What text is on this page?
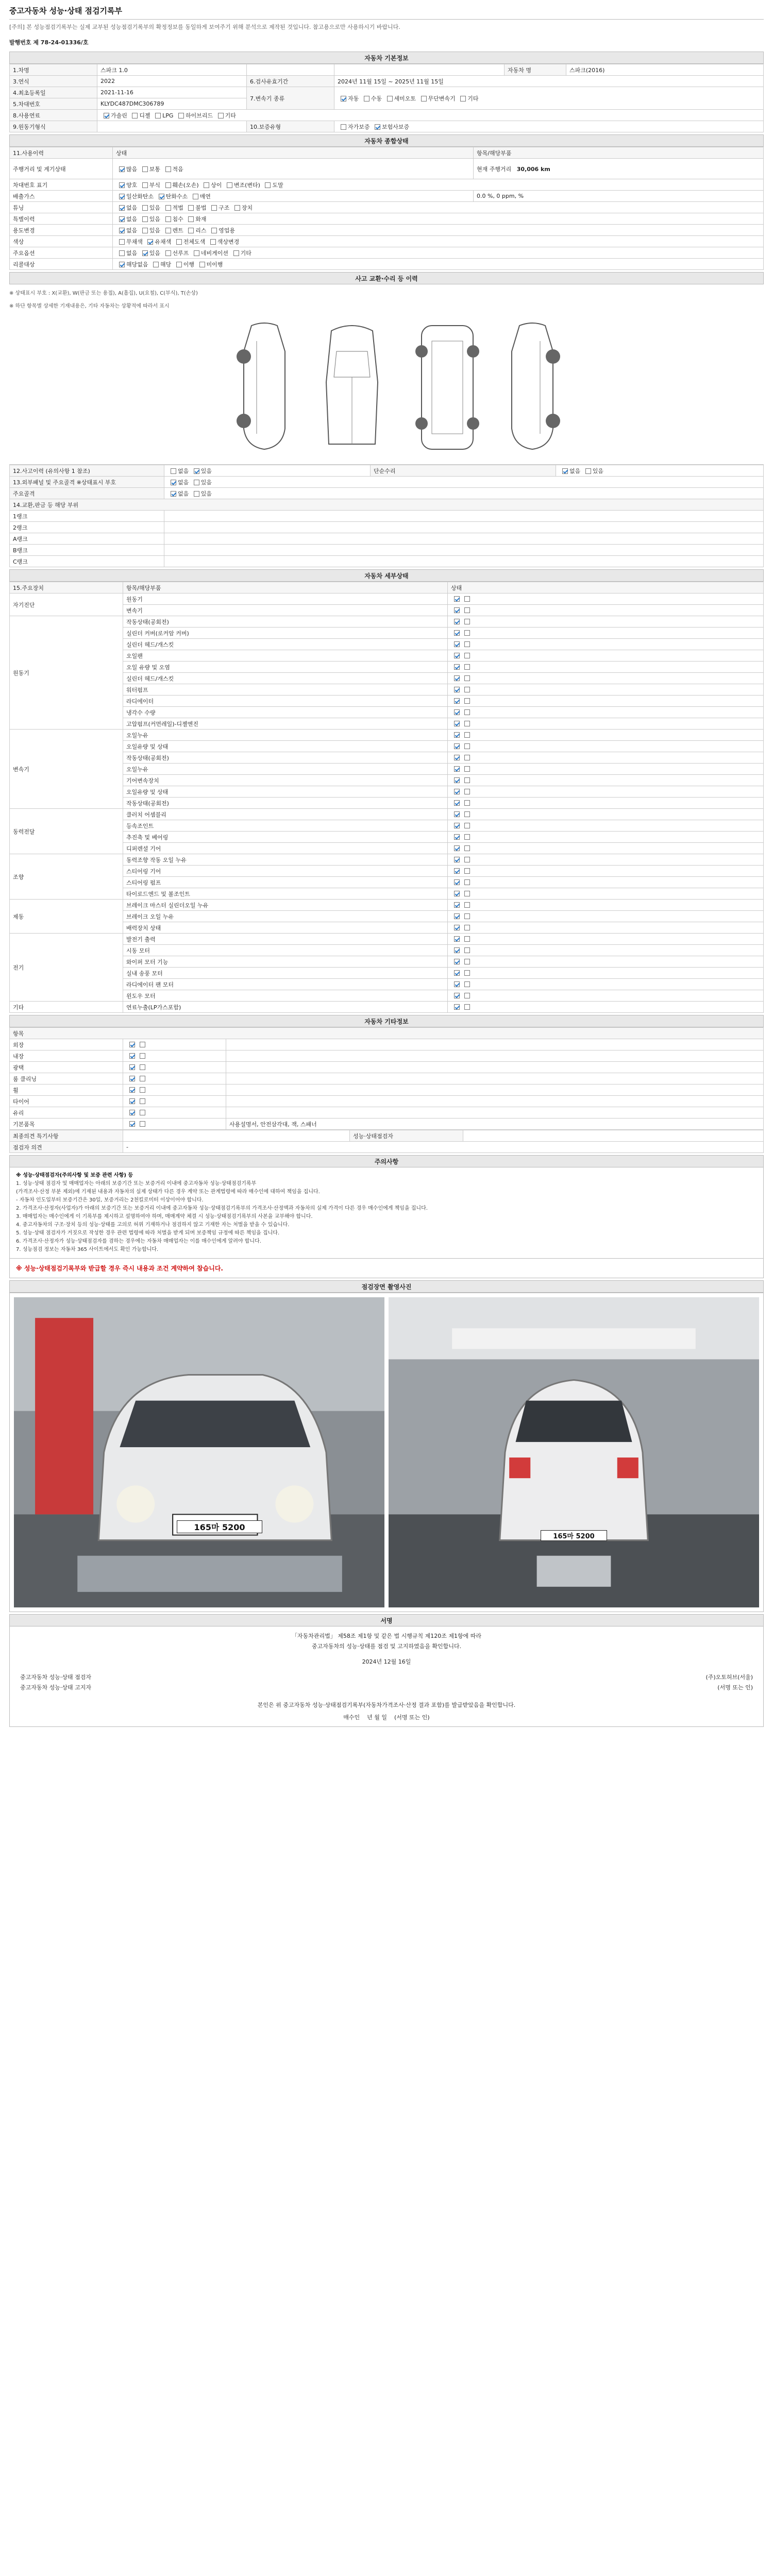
중고자동차 성능·상태 점검기록부
[주의] 본 성능점검기록부는 실제 교부된 성능점검기록부의 확정정보를 동일하게 보여주기 위해 분석으로 제작된 것입니다. 참고용으로만 사용하시기 바랍니다.
발행번호 제 78-24-01336/호
자동차 기본정보
1.차명	스파크 1.0			자동차 명	스파크(2016)
3.연식	2022	6.검사유효기간	2024년 11월 15일 ~ 2025년 11월 15일		
4.최초등록일	2021-11-16	7.변속기 종류	자동 수동 세미오토 무단변속기 기타		
5.차대번호	KLYDC487DMC306789				
8.사용연료	가솔린 디젤 LPG 하이브리드 기타				
9.원동기형식		10.보증유형	자가보증 보험사보증		
자동차 종합상태
11.사용이력	상태	항목/해당부품
주행거리 및 계기상태	많음 보통 적음	현재 주행거리 30,006 km
차대번호 표기	양호 부식 훼손(오손) 상이 변조(변타) 도말	
배출가스	일산화탄소 탄화수소 매연	0.0 %, 0 ppm, %
튜닝	없음 있음 적법 불법 구조 장치	
특별이력	없음 있음 침수 화재	
용도변경	없음 있음 렌트 리스 영업용	
색상	무채색 유채색 전체도색 색상변경	
주요옵션	없음 있음 선루프 네비게이션 기타	
리콜대상	해당없음 해당 이행 미이행	
사고 교환·수리 등 이력
※ 상태표시 부호 : X(교환), W(판금 또는 용접), A(흠집), U(요철), C(부식), T(손상)
※ 하단 항목별 상세한 기재내용은, 기타 자동차는 상황적에 따라서 표시
12.사고이력 (유의사항 1 참조)	없음 있음	단순수리	없음 있음
13.외부패널 및 주요골격 ※상태표시 부호	없음 있음		
주요골격	없음 있음		
14.교환,판금 등 해당 부위			
1랭크			
2랭크			
A랭크			
B랭크			
C랭크			
자동차 세부상태
15.주요장치	항목/해당부품	상태
자기진단	원동기	
	변속기	
원동기	작동상태(공회전)	
	실린더 커버(로커암 커버)	
	실린더 헤드/개스킷	
	오일팬	
	오일 유량 및 오염	
	실린더 헤드/개스킷	
	워터펌프	
	라디에이터	
	냉각수 수량	
	고압펌프(커먼레일)-디젤엔진	
변속기	오일누유	
	오일유량 및 상태	
	작동상태(공회전)	
	오일누유	
	기어변속장치	
	오일유량 및 상태	
	작동상태(공회전)	
동력전달	클러치 어셈블리	
	등속조인트	
	추진축 및 베어링	
	디퍼렌셜 기어	
조향	동력조향 작동 오일 누유	
	스티어링 기어	
	스티어링 펌프	
	타이로드엔드 및 볼조인트	
제동	브레이크 마스터 실린더오일 누유	
	브레이크 오일 누유	
	배력장치 상태	
전기	발전기 출력	
	시동 모터	
	와이퍼 모터 기능	
	실내 송풍 모터	
	라디에이터 팬 모터	
	윈도우 모터	
기타	연료누출(LP가스포함)	
자동차 기타정보
항목		
외장		
내장		
광택		
룸 클리닝		
휠		
타이어		
유리		
기본품목		사용설명서, 안전삼각대, 잭, 스패너
최종의견 특기사항		성능·상태점검자	
점검자 의견	-		
주의사항
※ 성능·상태점검자(주의사항 및 보증 관련 사항) 등
1. 성능·상태 점검자 및 매매업자는 아래의 보증기간 또는 보증거리 이내에 중고자동차 성능·상태점검기록부
(가격조사·산정 부분 제외)에 기재된 내용과 자동차의 실제 상태가 다른 경우 계약 또는 관계법령에 따라 매수인에 대하여 책임을 집니다.
- 자동차 인도일부터 보증기간은 30일, 보증거리는 2천킬로미터 이상이어야 합니다.
2. 가격조사·산정자(사업자)가 아래의 보증기간 또는 보증거리 이내에 중고자동차 성능·상태점검기록부의 가격조사·산정액과 자동차의 실제 가격이 다른 경우 매수인에게 책임을 집니다.
3. 매매업자는 매수인에게 이 기록부를 제시하고 설명하여야 하며, 매매계약 체결 시 성능·상태점검기록부의 사본을 교부해야 합니다.
4. 중고자동차의 구조·장치 등의 성능·상태를 고의로 허위 기재하거나 점검하지 않고 기재한 자는 처벌을 받을 수 있습니다.
5. 성능·상태 점검자가 거짓으로 작성한 경우 관련 법령에 따라 처벌을 받게 되며 보증책임 규정에 따른 책임을 집니다.
6. 가격조사·산정자가 성능·상태점검자를 겸하는 경우에는 자동차 매매업자는 이를 매수인에게 알려야 합니다.
7. 성능점검 정보는 자동차 365 사이트에서도 확인 가능합니다.
※ 성능·상태점검기록부와 받급할 경우 즉시 내용과 조건 계약하여 참습니다.
점검장면 촬영사진
165마 5200
165마 5200
서명
「자동차관리법」 제58조 제1항 및 같은 법 시행규칙 제120조 제1항에 따라
중고자동차의 성능·상태를 점검 및 고지하였음을 확인합니다.
2024년 12월 16일
중고자동차 성능·상태 점검자	(주)오토허브(서울)
중고자동차 성능·상태 고지자	(서명 또는 인)
본인은 위 중고자동차 성능·상태점검기록부(자동차가격조사·산정 결과 포함)를 발급받았음을 확인합니다.
매수인 년 월 일 (서명 또는 인)
